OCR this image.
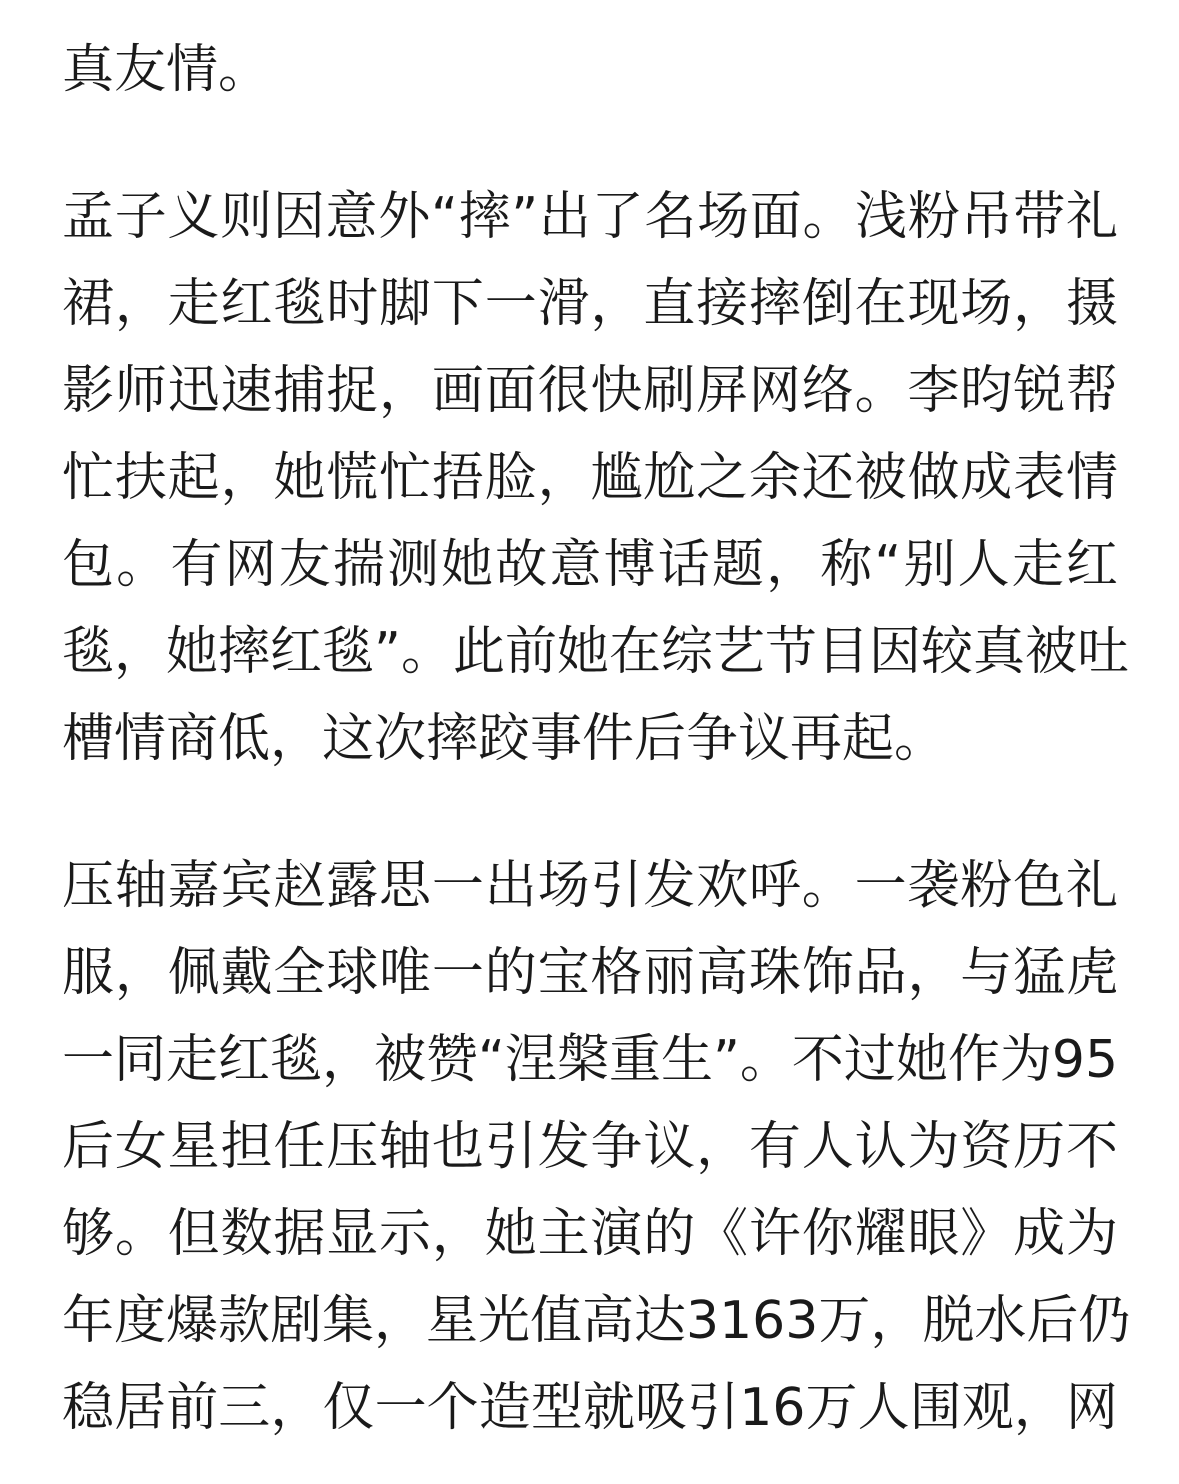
真友情。
孟子义则因意外“摔”出了名场面。浅粉吊带礼
裙，走红毯时脚下一滑，直接摔倒在现场，摄
影师迅速捕捉，画面很快刷屏网络。李昀锐帮
忙扶起，她慌忙捂脸，尴尬之余还被做成表情
包。有网友揣测她故意博话题，称“别人走红
毯，她摔红毯”。此前她在综艺节目因较真被吐
槽情商低，这次摔跤事件后争议再起。
压轴嘉宾赵露思一出场引发欢呼。一袭粉色礼
服，佩戴全球唯一的宝格丽高珠饰品，与猛虎
一同走红毯，被赞“涅槃重生”。不过她作为95
后女星担任压轴也引发争议，有人认为资历不
够。但数据显示，她主演的《许你耀眼》成为
年度爆款剧集，星光值高达3163万，脱水后仍
稳居前三，仅一个造型就吸引16万人围观，网
